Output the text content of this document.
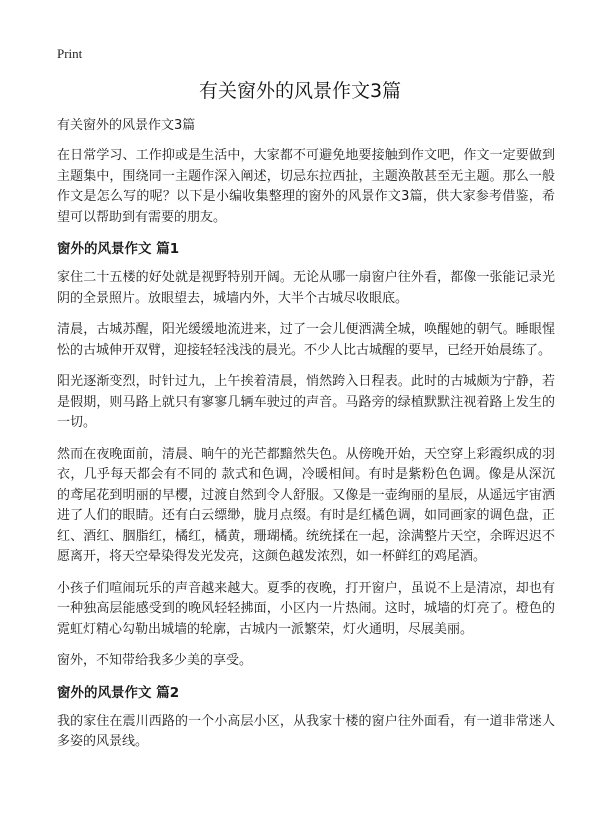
Print
有关窗外的风景作文3篇
有关窗外的风景作文3篇

在日常学习、工作抑或是生活中，大家都不可避免地要接触到作文吧，作文一定要做到主题集中，围绕同一主题作深入阐述，切忌东拉西扯，主题涣散甚至无主题。那么一般作文是怎么写的呢？以下是小编收集整理的窗外的风景作文3篇，供大家参考借鉴，希望可以帮助到有需要的朋友。

窗外的风景作文 篇1

家住二十五楼的好处就是视野特别开阔。无论从哪一扇窗户往外看，都像一张能记录光阴的全景照片。放眼望去，城墙内外，大半个古城尽收眼底。

清晨，古城苏醒，阳光缓缓地流进来，过了一会儿便洒满全城，唤醒她的朝气。睡眼惺忪的古城伸开双臂，迎接轻轻浅浅的晨光。不少人比古城醒的要早，已经开始晨练了。

阳光逐渐变烈，时针过九，上午挨着清晨，悄然跨入日程表。此时的古城颇为宁静，若是假期，则马路上就只有寥寥几辆车驶过的声音。马路旁的绿植默默注视着路上发生的一切。

然而在夜晚面前，清晨、晌午的光芒都黯然失色。从傍晚开始，天空穿上彩霞织成的羽衣，几乎每天都会有不同的 款式和色调，冷暖相间。有时是紫粉色色调。像是从深沉的鸢尾花到明丽的早樱，过渡自然到令人舒服。又像是一壶绚丽的星辰，从遥远宇宙洒进了人们的眼睛。还有白云缥缈，胧月点缀。有时是红橘色调，如同画家的调色盘，正红、酒红、胭脂红，橘红，橘黄，珊瑚橘。统统揉在一起，涂满整片天空，余晖迟迟不愿离开，将天空晕染得发光发亮，这颜色越发浓烈，如一杯鲜红的鸡尾酒。

小孩子们喧闹玩乐的声音越来越大。夏季的夜晚，打开窗户，虽说不上是清凉，却也有一种独高层能感受到的晚风轻轻拂面，小区内一片热闹。这时，城墙的灯亮了。橙色的霓虹灯精心勾勒出城墙的轮廓，古城内一派繁荣，灯火通明，尽展美丽。

窗外，不知带给我多少美的享受。

窗外的风景作文 篇2

我的家住在震川西路的一个小高层小区，从我家十楼的窗户往外面看，有一道非常迷人多姿的风景线。
